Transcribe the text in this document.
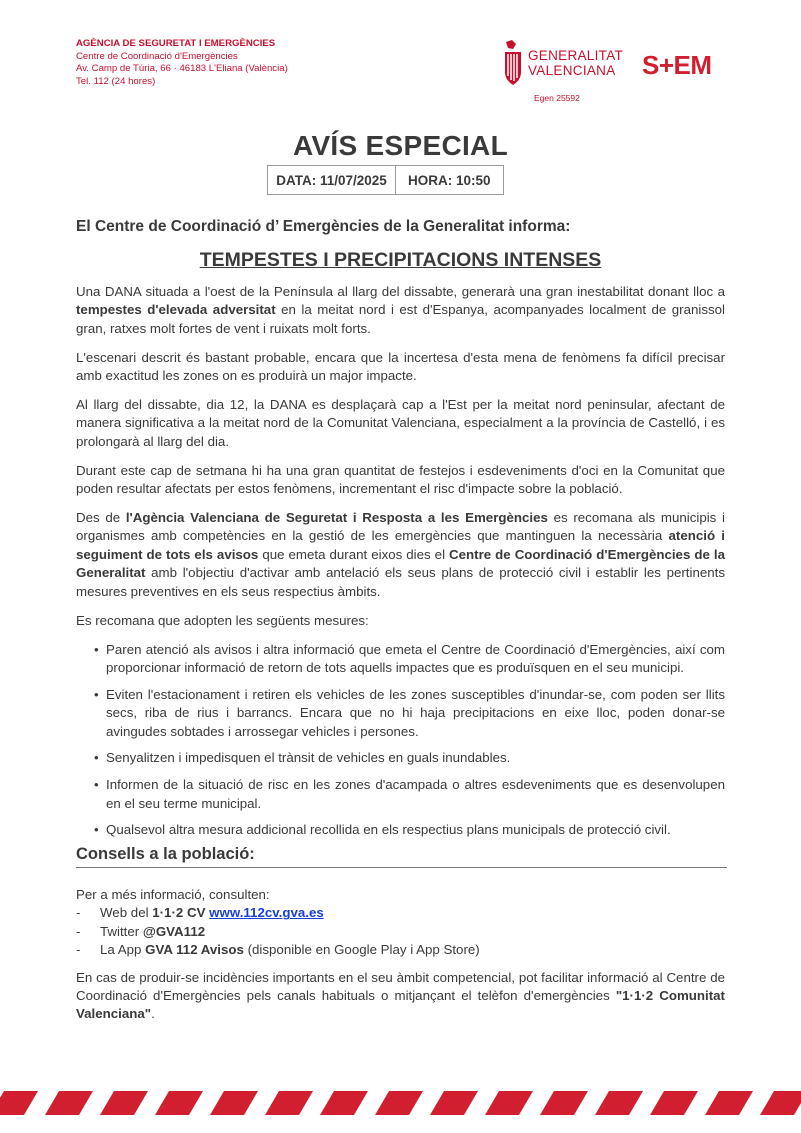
AGÈNCIA DE SEGURETAT I EMERGÈNCIES
Centre de Coordinació d'Emergències
Av. Camp de Túria, 66 · 46183 L'Eliana (València)
Tel. 112 (24 hores)
GENERALITAT
VALENCIANA S+EM
Egen 25592
AVÍS ESPECIAL
DATA: 11/07/2025	HORA: 10:50
El Centre de Coordinació d’ Emergències de la Generalitat informa:
TEMPESTES I PRECIPITACIONS INTENSES

Una DANA situada a l'oest de la Península al llarg del dissabte, generarà una gran inestabilitat donant lloc a tempestes d'elevada adversitat en la meitat nord i est d'Espanya, acompanyades localment de granissol gran, ratxes molt fortes de vent i ruixats molt forts.

L'escenari descrit és bastant probable, encara que la incertesa d'esta mena de fenòmens fa difícil precisar amb exactitud les zones on es produirà un major impacte.

Al llarg del dissabte, dia 12, la DANA es desplaçarà cap a l'Est per la meitat nord peninsular, afectant de manera significativa a la meitat nord de la Comunitat Valenciana, especialment a la província de Castelló, i es prolongarà al llarg del dia.

Durant este cap de setmana hi ha una gran quantitat de festejos i esdeveniments d'oci en la Comunitat que poden resultar afectats per estos fenòmens, incrementant el risc d'impacte sobre la població.

Des de l'Agència Valenciana de Seguretat i Resposta a les Emergències es recomana als municipis i organismes amb competències en la gestió de les emergències que mantinguen la necessària atenció i seguiment de tots els avisos que emeta durant eixos dies el Centre de Coordinació d'Emergències de la Generalitat amb l'objectiu d'activar amb antelació els seus plans de protecció civil i establir les pertinents mesures preventives en els seus respectius àmbits.

Es recomana que adopten les següents mesures:

• Paren atenció als avisos i altra informació que emeta el Centre de Coordinació d'Emergències, així com proporcionar informació de retorn de tots aquells impactes que es produïsquen en el seu municipi.
• Eviten l'estacionament i retiren els vehicles de les zones susceptibles d'inundar-se, com poden ser llits secs, riba de rius i barrancs. Encara que no hi haja precipitacions en eixe lloc, poden donar-se avingudes sobtades i arrossegar vehicles i persones.
• Senyalitzen i impedisquen el trànsit de vehicles en guals inundables.
• Informen de la situació de risc en les zones d'acampada o altres esdeveniments que es desenvolupen en el seu terme municipal.
• Qualsevol altra mesura addicional recollida en els respectius plans municipals de protecció civil.
Consells a la població:
Per a més informació, consulten:
-	Web del 1·1·2 CV www.112cv.gva.es
-	Twitter @GVA112
-	La App GVA 112 Avisos (disponible en Google Play i App Store)

En cas de produir-se incidències importants en el seu àmbit competencial, pot facilitar informació al Centre de Coordinació d'Emergències pels canals habituals o mitjançant el telèfon d'emergències "1·1·2 Comunitat Valenciana".
